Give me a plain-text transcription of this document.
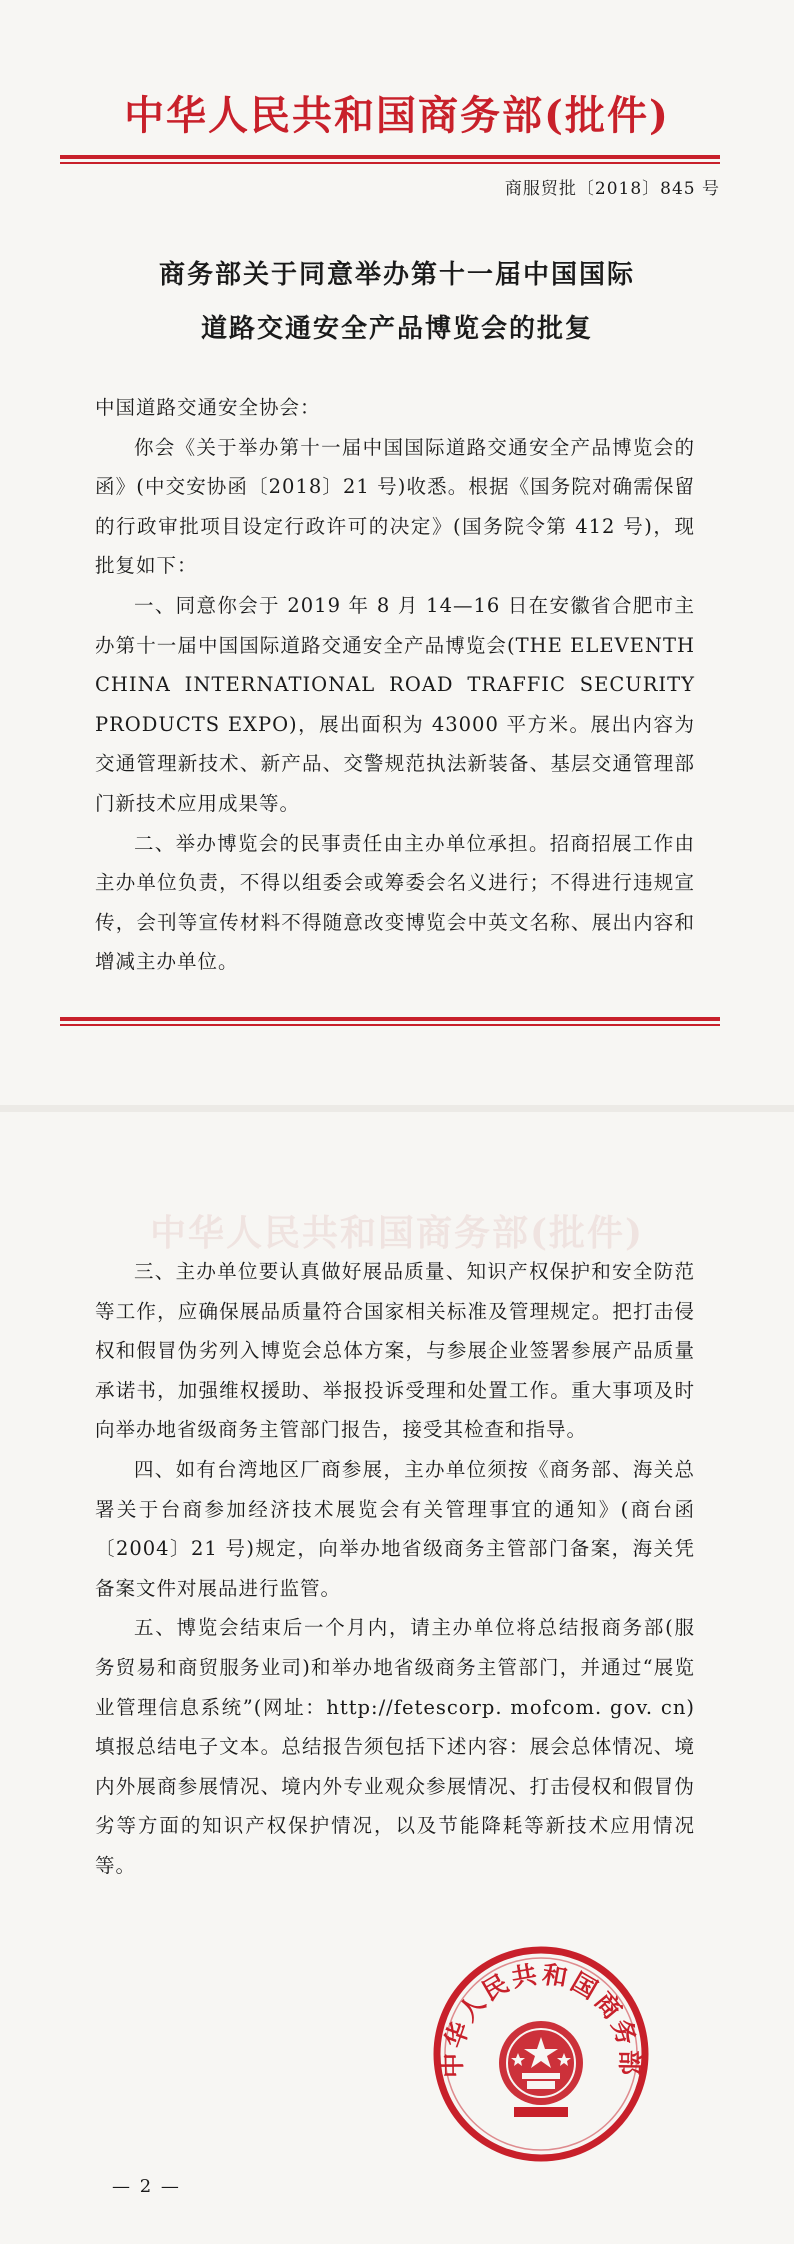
中华人民共和国商务部(批件)
商服贸批〔2018〕845 号
商务部关于同意举办第十一届中国国际
道路交通安全产品博览会的批复

中国道路交通安全协会：

你会《关于举办第十一届中国国际道路交通安全产品博览会的函》(中交安协函〔2018〕21 号)收悉。根据《国务院对确需保留的行政审批项目设定行政许可的决定》(国务院令第 412 号)，现批复如下：

一、同意你会于 2019 年 8 月 14—16 日在安徽省合肥市主办第十一届中国国际道路交通安全产品博览会(THE ELEVENTH CHINA INTERNATIONAL ROAD TRAFFIC SECURITY PRODUCTS EXPO)，展出面积为 43000 平方米。展出内容为交通管理新技术、新产品、交警规范执法新装备、基层交通管理部门新技术应用成果等。

二、举办博览会的民事责任由主办单位承担。招商招展工作由主办单位负责，不得以组委会或筹委会名义进行；不得进行违规宣传，会刊等宣传材料不得随意改变博览会中英文名称、展出内容和增减主办单位。

中华人民共和国商务部(批件)

三、主办单位要认真做好展品质量、知识产权保护和安全防范等工作，应确保展品质量符合国家相关标准及管理规定。把打击侵权和假冒伪劣列入博览会总体方案，与参展企业签署参展产品质量承诺书，加强维权援助、举报投诉受理和处置工作。重大事项及时向举办地省级商务主管部门报告，接受其检查和指导。

四、如有台湾地区厂商参展，主办单位须按《商务部、海关总署关于台商参加经济技术展览会有关管理事宜的通知》(商台函〔2004〕21 号)规定，向举办地省级商务主管部门备案，海关凭备案文件对展品进行监管。

五、博览会结束后一个月内，请主办单位将总结报商务部(服务贸易和商贸服务业司)和举办地省级商务主管部门，并通过“展览业管理信息系统”(网址：http://fetescorp. mofcom. gov. cn)填报总结电子文本。总结报告须包括下述内容：展会总体情况、境内外展商参展情况、境内外专业观众参展情况、打击侵权和假冒伪劣等方面的知识产权保护情况，以及节能降耗等新技术应用情况等。

中华人民共和国商务部
— 2 —
